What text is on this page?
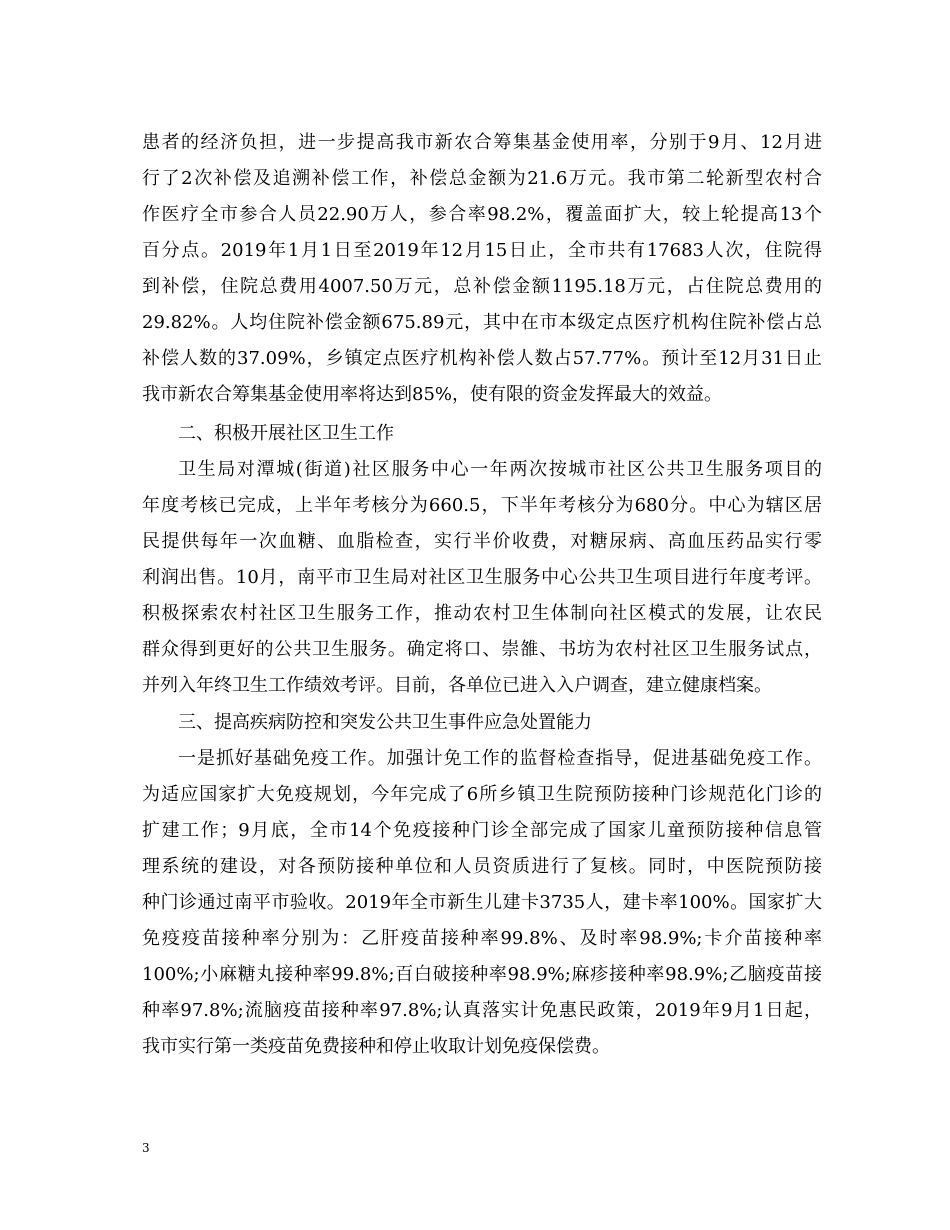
患者的经济负担，进一步提高我市新农合筹集基金使用率，分别于9月、12月进

行了2次补偿及追溯补偿工作，补偿总金额为21.6万元。我市第二轮新型农村合

作医疗全市参合人员22.90万人，参合率98.2%，覆盖面扩大，较上轮提高13个

百分点。2019年1月1日至2019年12月15日止，全市共有17683人次，住院得

到补偿，住院总费用4007.50万元，总补偿金额1195.18万元，占住院总费用的

29.82%。人均住院补偿金额675.89元，其中在市本级定点医疗机构住院补偿占总

补偿人数的37.09%，乡镇定点医疗机构补偿人数占57.77%。预计至12月31日止

我市新农合筹集基金使用率将达到85%，使有限的资金发挥最大的效益。

二、积极开展社区卫生工作

卫生局对潭城(街道)社区服务中心一年两次按城市社区公共卫生服务项目的

年度考核已完成，上半年考核分为660.5，下半年考核分为680分。中心为辖区居

民提供每年一次血糖、血脂检查，实行半价收费，对糖尿病、高血压药品实行零

利润出售。10月，南平市卫生局对社区卫生服务中心公共卫生项目进行年度考评。

积极探索农村社区卫生服务工作，推动农村卫生体制向社区模式的发展，让农民

群众得到更好的公共卫生服务。确定将口、崇雒、书坊为农村社区卫生服务试点，

并列入年终卫生工作绩效考评。目前，各单位已进入入户调查，建立健康档案。

三、提高疾病防控和突发公共卫生事件应急处置能力

一是抓好基础免疫工作。加强计免工作的监督检查指导，促进基础免疫工作。

为适应国家扩大免疫规划，今年完成了6所乡镇卫生院预防接种门诊规范化门诊的

扩建工作；9月底，全市14个免疫接种门诊全部完成了国家儿童预防接种信息管

理系统的建设，对各预防接种单位和人员资质进行了复核。同时，中医院预防接

种门诊通过南平市验收。2019年全市新生儿建卡3735人，建卡率100%。国家扩大

免疫疫苗接种率分别为：乙肝疫苗接种率99.8%、及时率98.9%;卡介苗接种率

100%;小麻糖丸接种率99.8%;百白破接种率98.9%;麻疹接种率98.9%;乙脑疫苗接

种率97.8%;流脑疫苗接种率97.8%;认真落实计免惠民政策，2019年9月1日起，

我市实行第一类疫苗免费接种和停止收取计划免疫保偿费。

3
